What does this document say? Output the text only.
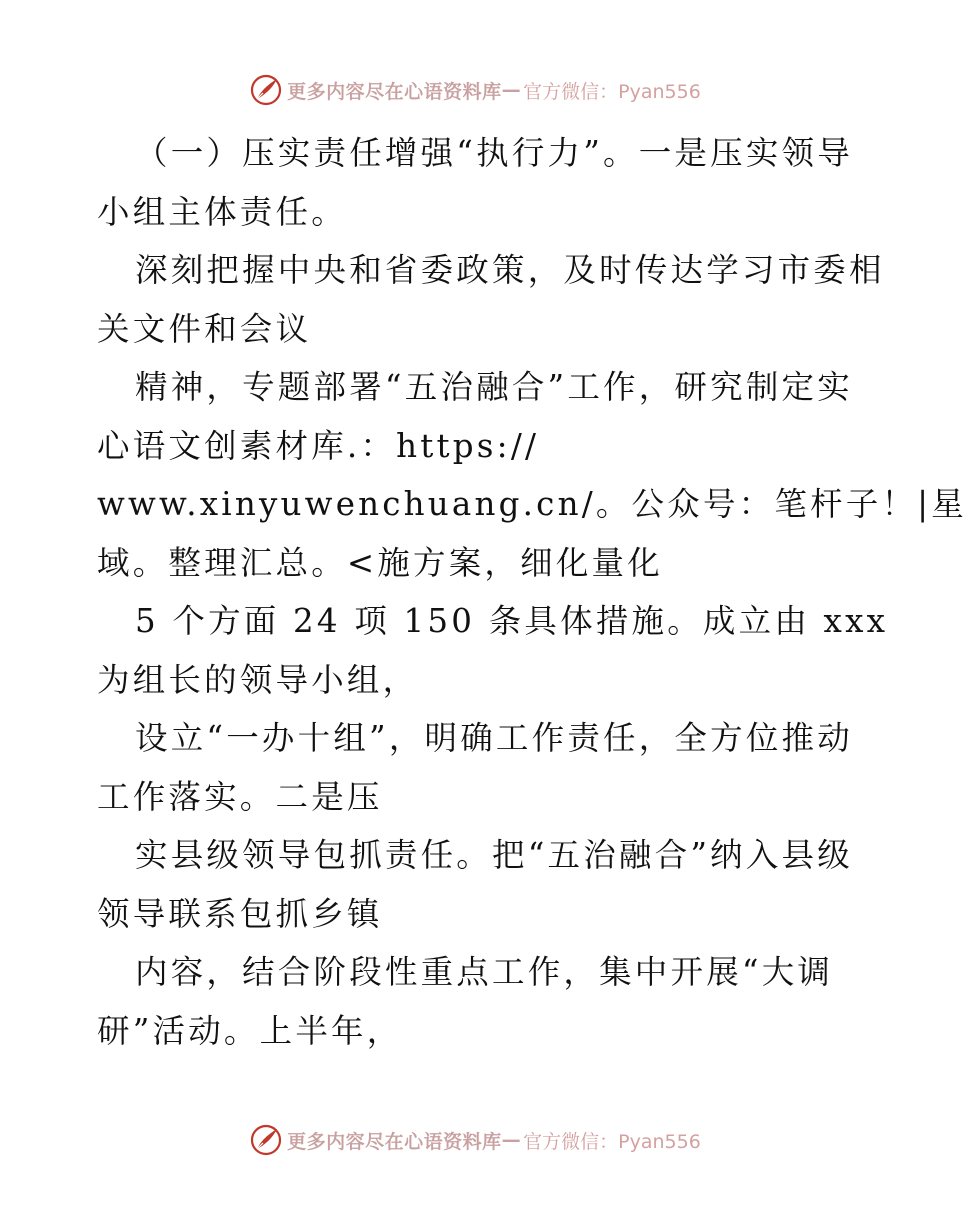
更多内容尽在心语资料库 — 官方微信：Pyan556
（一）压实责任增强“执行力”。一是压实领导
小组主体责任。
深刻把握中央和省委政策，及时传达学习市委相
关文件和会议
精神，专题部署“五治融合”工作，研究制定实
心语文创素材库.：https://
www.xinyuwenchuang.cn/。公众号：笔杆子！|星
域。整理汇总。<施方案，细化量化
5 个方面 24 项 150 条具体措施。成立由 xxx
为组长的领导小组，
设立“一办十组”，明确工作责任，全方位推动
工作落实。二是压
实县级领导包抓责任。把“五治融合”纳入县级
领导联系包抓乡镇
内容，结合阶段性重点工作，集中开展“大调
研”活动。上半年，
更多内容尽在心语资料库 — 官方微信：Pyan556
